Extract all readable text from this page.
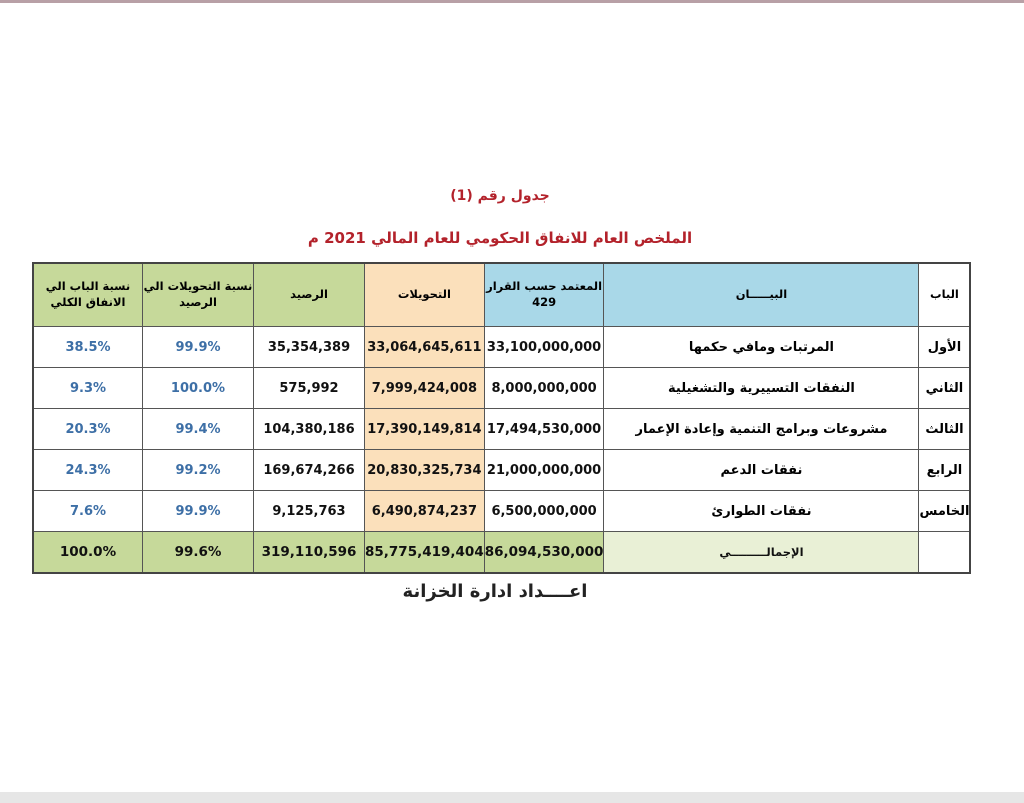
جدول رقم (1)
الملخص العام للانفاق الحكومي للعام المالي 2021 م
الباب	البيـــــان	المعتمد حسب القرار 429	التحويلات	الرصيد	نسبة التحويلات الي الرصيد	نسبة الباب الي الانفاق الكلي
الأول	المرتبات ومافي حكمها	33,100,000,000	33,064,645,611	35,354,389	99.9%	38.5%
الثاني	النفقات التسييرية والتشغيلية	8,000,000,000	7,999,424,008	575,992	100.0%	9.3%
الثالث	مشروعات وبرامج التنمية وإعادة الإعمار	17,494,530,000	17,390,149,814	104,380,186	99.4%	20.3%
الرابع	نفقات الدعم	21,000,000,000	20,830,325,734	169,674,266	99.2%	24.3%
الخامس	نفقات الطوارئ	6,500,000,000	6,490,874,237	9,125,763	99.9%	7.6%
	الإجمالـــــــــي	86,094,530,000	85,775,419,404	319,110,596	99.6%	100.0%
اعــــداد ادارة الخزانة
